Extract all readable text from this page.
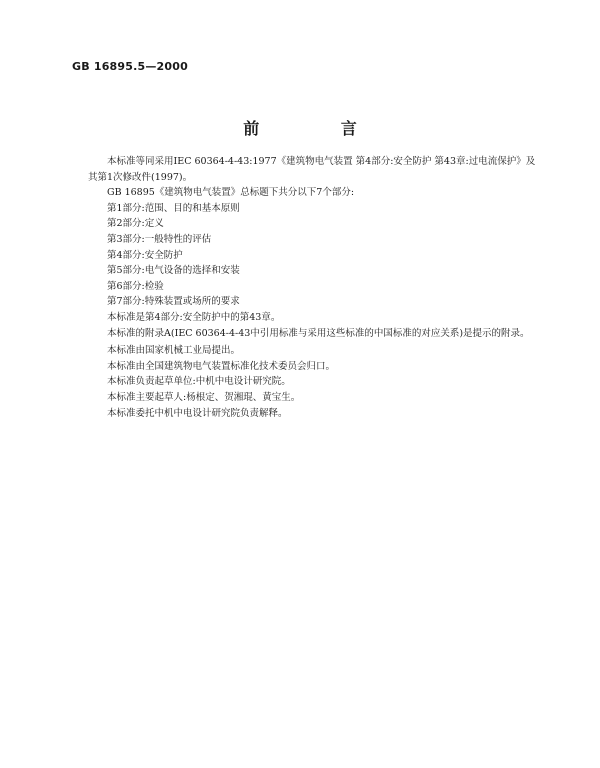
GB 16895.5—2000
前 言

本标准等同采用IEC 60364-4-43:1977《建筑物电气装置 第4部分:安全防护 第43章:过电流保护》及其第1次修改件(1997)。

GB 16895《建筑物电气装置》总标题下共分以下7个部分:

第1部分:范围、目的和基本原则

第2部分:定义

第3部分:一般特性的评估

第4部分:安全防护

第5部分:电气设备的选择和安装

第6部分:检验

第7部分:特殊装置或场所的要求

本标准是第4部分:安全防护中的第43章。

本标准的附录A(IEC 60364-4-43中引用标准与采用这些标准的中国标准的对应关系)是提示的附录。

本标准由国家机械工业局提出。

本标准由全国建筑物电气装置标准化技术委员会归口。

本标准负责起草单位:中机中电设计研究院。

本标准主要起草人:杨根定、贺湘琨、黄宝生。

本标准委托中机中电设计研究院负责解释。
